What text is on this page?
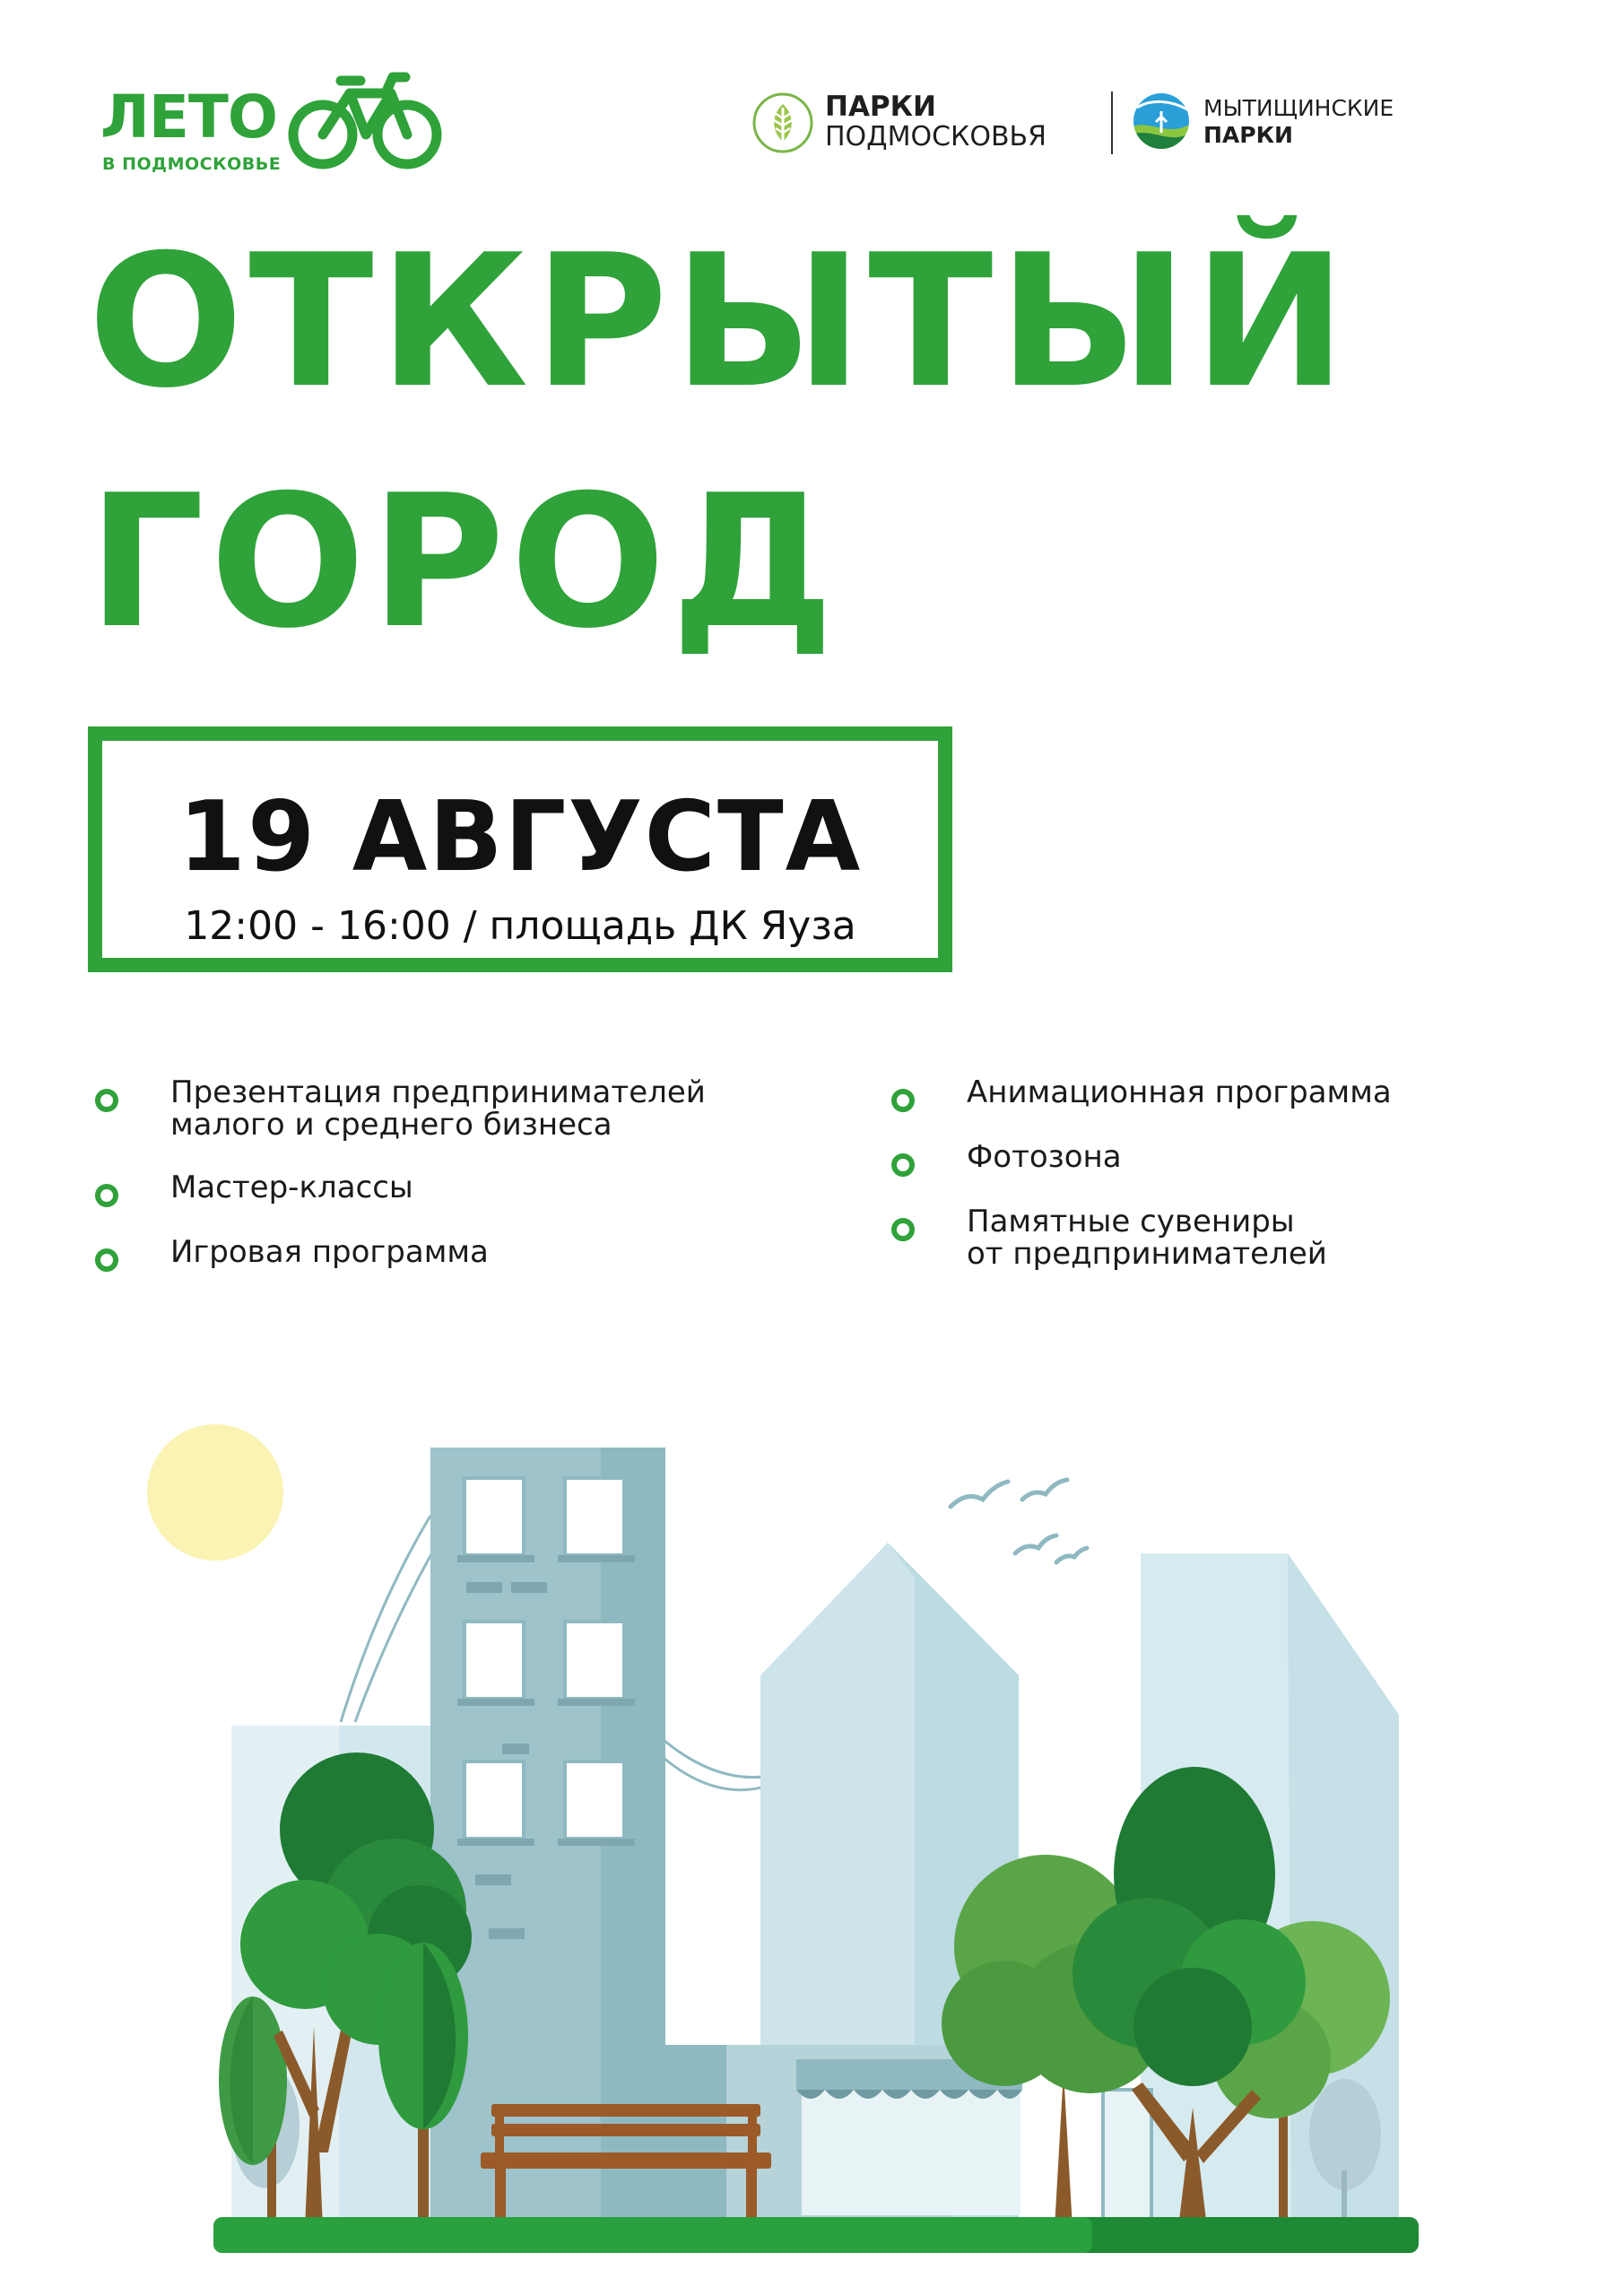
ЛЕТО
В ПОДМОСКОВЬЕ
ПАРКИ
ПОДМОСКОВЬЯ
МЫТИЩИНСКИЕ
ПАРКИ
ОТКРЫТЫЙ
ГОРОД
19 АВГУСТА
12:00 - 16:00 / площадь ДК Яуза
Презентация предпринимателей
малого и среднего бизнеса
Мастер-классы
Игровая программа
Анимационная программа
Фотозона
Памятные сувениры
от предпринимателей
